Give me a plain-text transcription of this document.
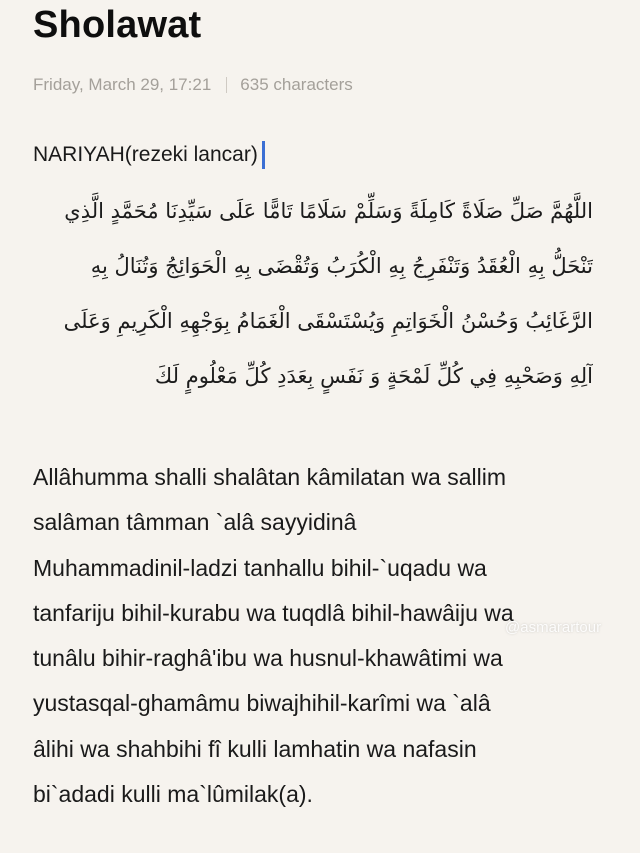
Sholawat
Friday, March 29, 17:21 635 characters
NARIYAH(rezeki lancar)
اللَّهُمَّ صَلِّ صَلَاةً كَامِلَةً وَسَلِّمْ سَلَامًا تَامًّا عَلَى سَيِّدِنَا مُحَمَّدٍ الَّذِي
تَنْحَلُّ بِهِ الْعُقَدُ وَتَنْفَرِجُ بِهِ الْكُرَبُ وَتُقْضَى بِهِ الْحَوَائِجُ وَتُنَالُ بِهِ
الرَّغَائِبُ وَحُسْنُ الْخَوَاتِمِ وَيُسْتَسْقَى الْغَمَامُ بِوَجْهِهِ الْكَرِيمِ وَعَلَى
آلِهِ وَصَحْبِهِ فِي كُلِّ لَمْحَةٍ وَ نَفَسٍ بِعَدَدِ كُلِّ مَعْلُومٍ لَكَ
Allâhumma shalli shalâtan kâmilatan wa sallim
salâman tâmman `alâ sayyidinâ
Muhammadinil-ladzi tanhallu bihil-`uqadu wa
tanfariju bihil-kurabu wa tuqdlâ bihil-hawâiju wa
tunâlu bihir-raghâ'ibu wa husnul-khawâtimi wa
yustasqal-ghamâmu biwajhihil-karîmi wa `alâ
âlihi wa shahbihi fî kulli lamhatin wa nafasin
bi`adadi kulli ma`lûmilak(a).
@asmarartour
